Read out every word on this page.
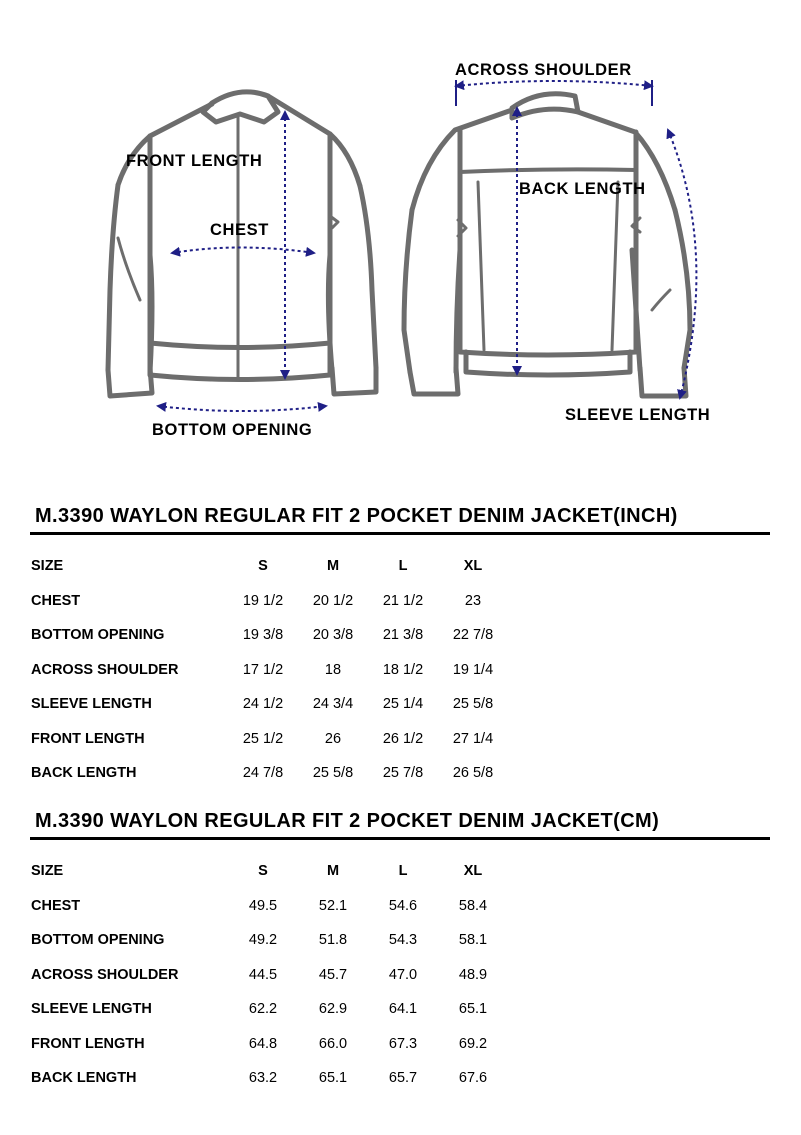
FRONT LENGTH
CHEST
BOTTOM OPENING
ACROSS SHOULDER
BACK LENGTH
SLEEVE LENGTH
M.3390 WAYLON REGULAR FIT 2 POCKET DENIM JACKET(INCH)
SIZE	S	M	L	XL	
CHEST	19 1/2	20 1/2	21 1/2	23	
BOTTOM OPENING	19 3/8	20 3/8	21 3/8	22 7/8	
ACROSS SHOULDER	17 1/2	18	18 1/2	19 1/4	
SLEEVE LENGTH	24 1/2	24 3/4	25 1/4	25 5/8	
FRONT LENGTH	25 1/2	26	26 1/2	27 1/4	
BACK LENGTH	24 7/8	25 5/8	25 7/8	26 5/8	
M.3390 WAYLON REGULAR FIT 2 POCKET DENIM JACKET(CM)
SIZE	S	M	L	XL	
CHEST	49.5	52.1	54.6	58.4	
BOTTOM OPENING	49.2	51.8	54.3	58.1	
ACROSS SHOULDER	44.5	45.7	47.0	48.9	
SLEEVE LENGTH	62.2	62.9	64.1	65.1	
FRONT LENGTH	64.8	66.0	67.3	69.2	
BACK LENGTH	63.2	65.1	65.7	67.6	
